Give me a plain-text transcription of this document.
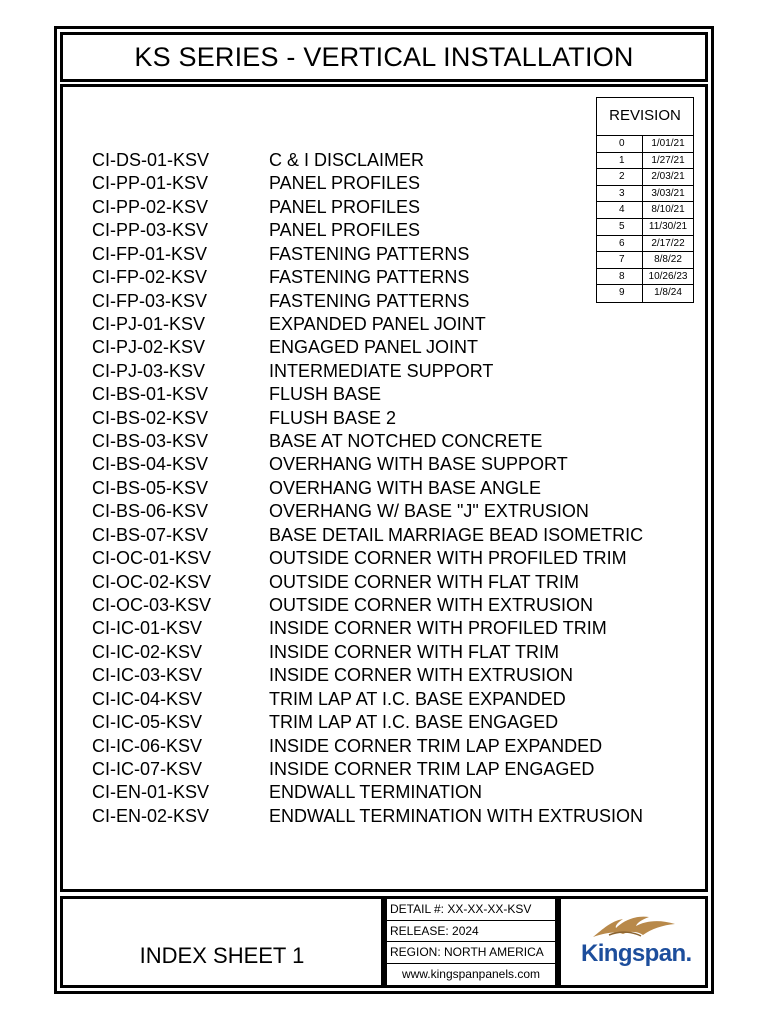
KS SERIES - VERTICAL INSTALLATION
REVISION
0	1/01/21
1	1/27/21
2	2/03/21
3	3/03/21
4	8/10/21
5	11/30/21
6	2/17/22
7	8/8/22
8	10/26/23
9	1/8/24
CI-DS-01-KSV	C & I DISCLAIMER
CI-PP-01-KSV	PANEL PROFILES
CI-PP-02-KSV	PANEL PROFILES
CI-PP-03-KSV	PANEL PROFILES
CI-FP-01-KSV	FASTENING PATTERNS
CI-FP-02-KSV	FASTENING PATTERNS
CI-FP-03-KSV	FASTENING PATTERNS
CI-PJ-01-KSV	EXPANDED PANEL JOINT
CI-PJ-02-KSV	ENGAGED PANEL JOINT
CI-PJ-03-KSV	INTERMEDIATE SUPPORT
CI-BS-01-KSV	FLUSH BASE
CI-BS-02-KSV	FLUSH BASE 2
CI-BS-03-KSV	BASE AT NOTCHED CONCRETE
CI-BS-04-KSV	OVERHANG WITH BASE SUPPORT
CI-BS-05-KSV	OVERHANG WITH BASE ANGLE
CI-BS-06-KSV	OVERHANG W/ BASE "J" EXTRUSION
CI-BS-07-KSV	BASE DETAIL MARRIAGE BEAD ISOMETRIC
CI-OC-01-KSV	OUTSIDE CORNER WITH PROFILED TRIM
CI-OC-02-KSV	OUTSIDE CORNER WITH FLAT TRIM
CI-OC-03-KSV	OUTSIDE CORNER WITH EXTRUSION
CI-IC-01-KSV	INSIDE CORNER WITH PROFILED TRIM
CI-IC-02-KSV	INSIDE CORNER WITH FLAT TRIM
CI-IC-03-KSV	INSIDE CORNER WITH EXTRUSION
CI-IC-04-KSV	TRIM LAP AT I.C. BASE EXPANDED
CI-IC-05-KSV	TRIM LAP AT I.C. BASE ENGAGED
CI-IC-06-KSV	INSIDE CORNER TRIM LAP EXPANDED
CI-IC-07-KSV	INSIDE CORNER TRIM LAP ENGAGED
CI-EN-01-KSV	ENDWALL TERMINATION
CI-EN-02-KSV	ENDWALL TERMINATION WITH EXTRUSION
INDEX SHEET 1
DETAIL #: XX-XX-XX-KSV
RELEASE: 2024
REGION: NORTH AMERICA
www.kingspanpanels.com
Kingspan.
